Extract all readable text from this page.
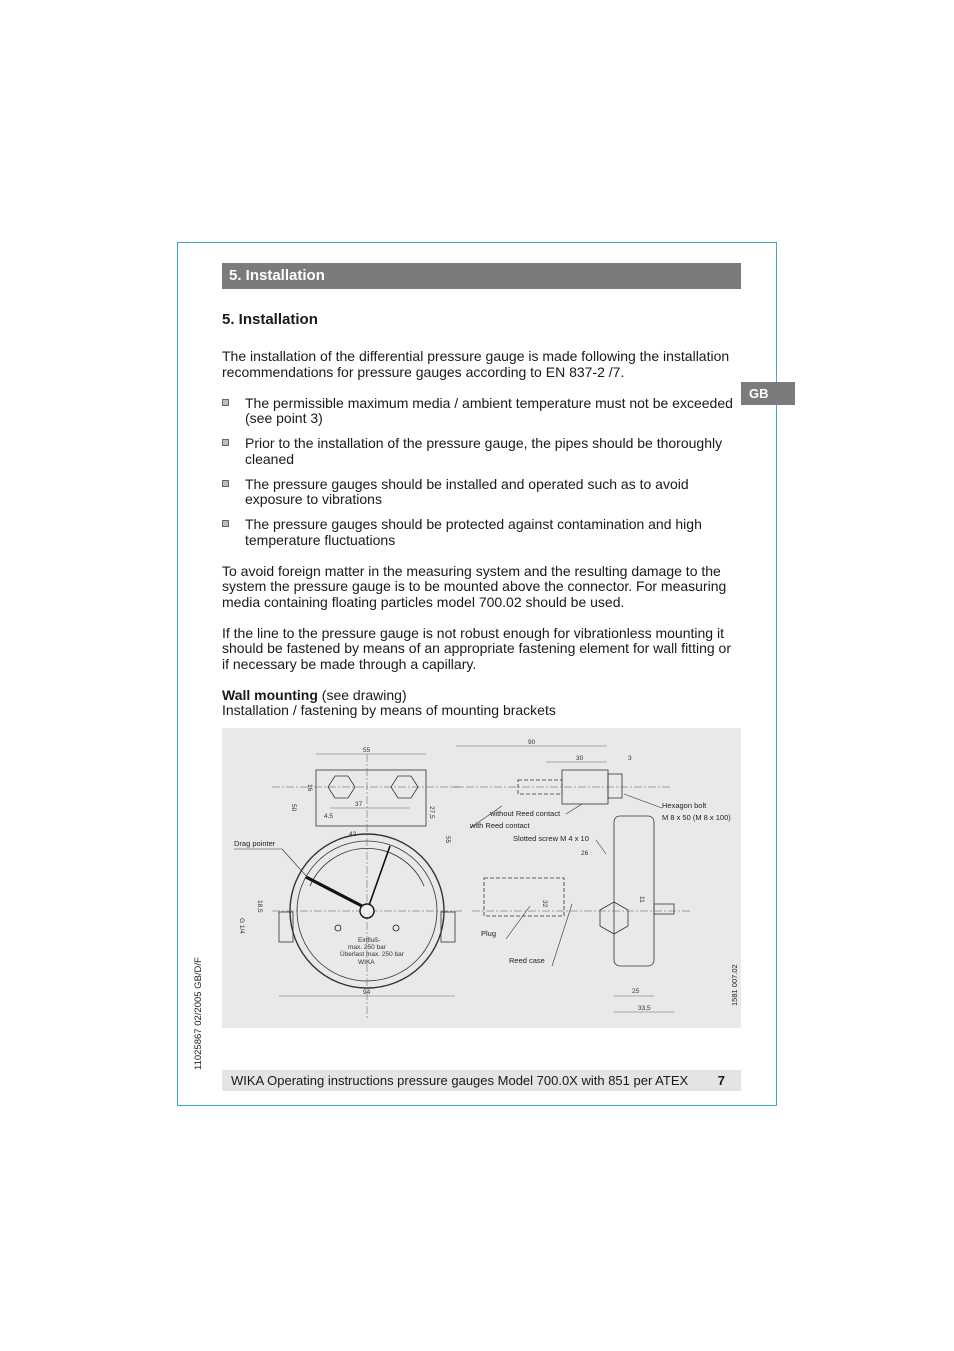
5. Installation
GB
5. Installation

The installation of the differential pressure gauge is made following the installation recommendations for pressure gauges according to EN 837-2 /7.

The permissible maximum media / ambient temperature must not be exceeded (see point 3)
Prior to the installation of the pressure gauge, the pipes should be thoroughly cleaned
The pressure gauges should be installed and operated such as to avoid exposure to vibrations
The pressure gauges should be protected against contamination and high temperature fluctuations

To avoid foreign matter in the measuring system and the resulting damage to the system the pressure gauge is to be mounted above the connector. For measuring media containing floating particles model 700.02 should be used.

If the line to the pressure gauge is not robust enough for vibrationless mounting it should be fastened by means of an appropriate fastening element for wall fitting or if necessary be made through a capillary.

Wall mounting (see drawing)
Installation / fastening by means of mounting brackets

Drag pointer
Hexagon bolt
M 8 x 50 (M 8 x 100)
without Reed contact
with Reed contact
Slotted screw M 4 x 10
Plug
Reed case
1581 007.02
Einfluß-
max. 250 bar
Überlast max. 250 bar
WIKA
55
37
42
4.5
16
50	27,5
55
18,5
G 1/4
94
90
30	3
26
32
11
25
33,5
11025867 02/2005 GB/D/F
WIKA Operating instructions pressure gauges Model 700.0X with 851 per ATEX 7
